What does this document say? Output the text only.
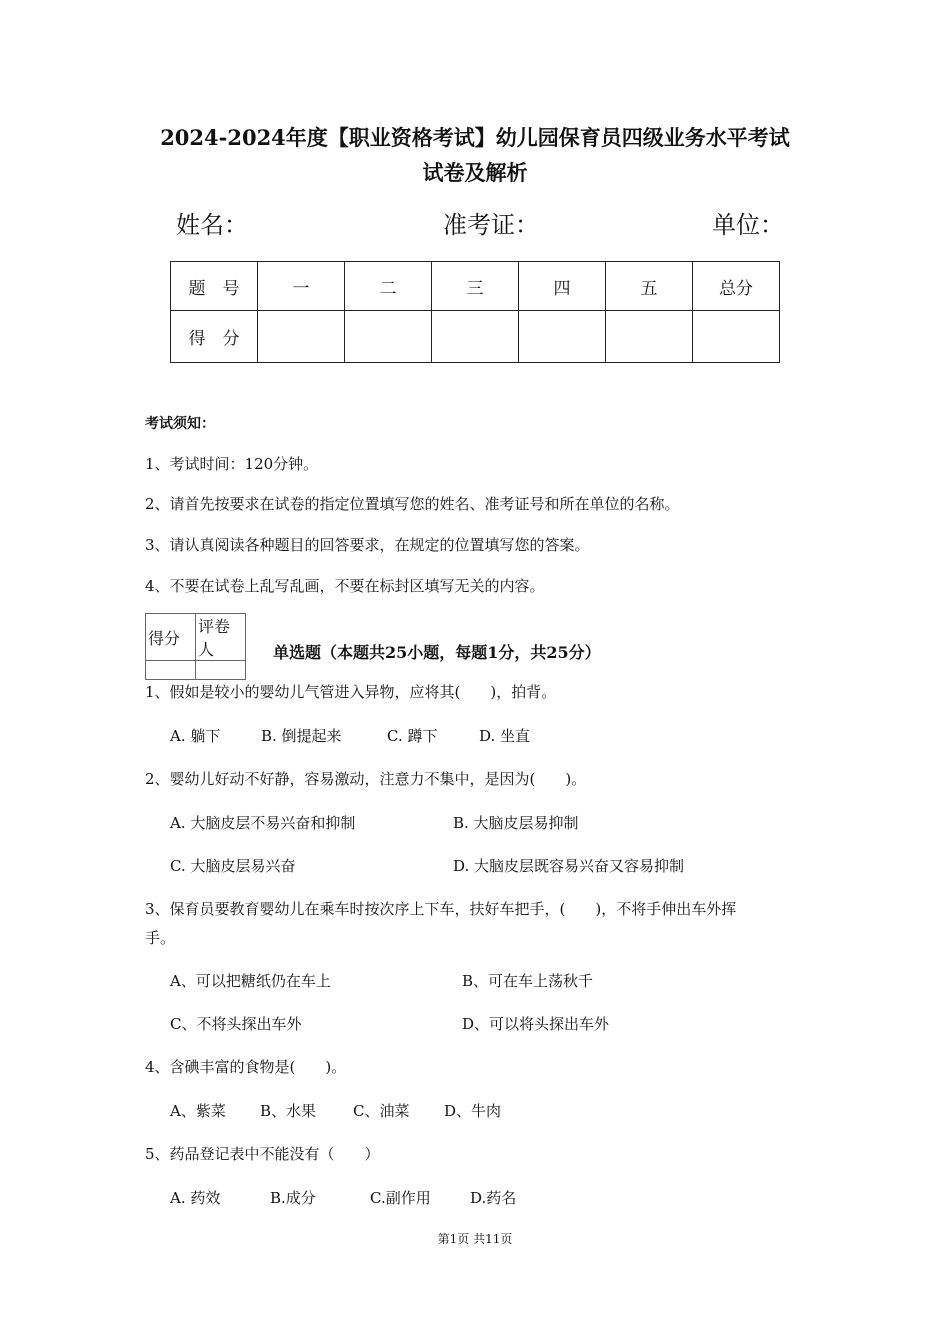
2024-2024年度【职业资格考试】幼儿园保育员四级业务水平考试
试卷及解析
姓名：	准考证：	单位：
题　号	一	二	三	四	五	总分
得　分						
考试须知：
1、考试时间：120分钟。
2、请首先按要求在试卷的指定位置填写您的姓名、准考证号和所在单位的名称。
3、请认真阅读各种题目的回答要求，在规定的位置填写您的答案。
4、不要在试卷上乱写乱画，不要在标封区填写无关的内容。
得分	评卷人
		单选题（本题共25小题，每题1分，共25分）
1、假如是较小的婴幼儿气管进入异物，应将其(　　)，拍背。
A. 躺下	B. 倒提起来	C. 蹲下	D. 坐直
2、婴幼儿好动不好静，容易激动，注意力不集中，是因为(　　)。
A. 大脑皮层不易兴奋和抑制	B. 大脑皮层易抑制
C. 大脑皮层易兴奋	D. 大脑皮层既容易兴奋又容易抑制
3、保育员要教育婴幼儿在乘车时按次序上下车，扶好车把手，(　　)，不将手伸出车外挥
手。
A、可以把糖纸仍在车上	B、可在车上荡秋千
C、不将头探出车外	D、可以将头探出车外
4、含碘丰富的食物是(　　)。
A、紫菜 B、水果 C、油菜 D、牛肉
5、药品登记表中不能没有（　　）
A. 药效	B.成分	C.副作用	D.药名
第1页 共11页
